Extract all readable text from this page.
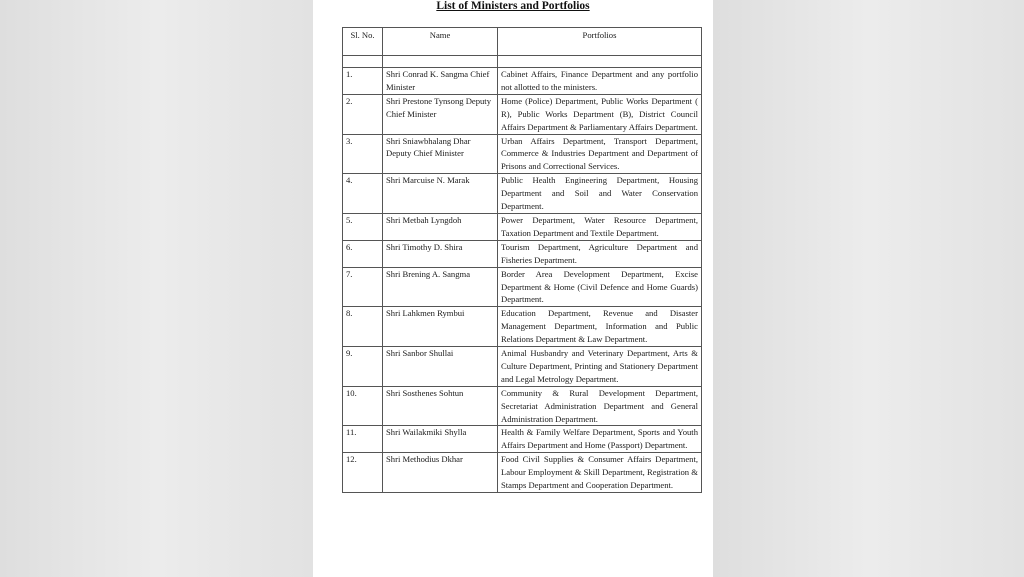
List of Ministers and Portfolios
Sl. No.	Name	Portfolios

1.	Shri Conrad K. Sangma Chief Minister	Cabinet Affairs, Finance Department and any portfolio not allotted to the ministers.
2.	Shri Prestone Tynsong Deputy Chief Minister	Home (Police) Department, Public Works Department ( R), Public Works Department (B), District Council Affairs Department & Parliamentary Affairs Department.
3.	Shri Sniawbhalang Dhar Deputy Chief Minister	Urban Affairs Department, Transport Department, Commerce & Industries Department and Department of Prisons and Correctional Services.
4.	Shri Marcuise N. Marak	Public Health Engineering Department, Housing Department and Soil and Water Conservation Department.
5.	Shri Metbah Lyngdoh	Power Department, Water Resource Department, Taxation Department and Textile Department.
6.	Shri Timothy D. Shira	Tourism Department, Agriculture Department and Fisheries Department.
7.	Shri Brening A. Sangma	Border Area Development Department, Excise Department & Home (Civil Defence and Home Guards) Department.
8.	Shri Lahkmen Rymbui	Education Department, Revenue and Disaster Management Department, Information and Public Relations Department & Law Department.
9.	Shri Sanbor Shullai	Animal Husbandry and Veterinary Department, Arts & Culture Department, Printing and Stationery Department and Legal Metrology Department.
10.	Shri Sosthenes Sohtun	Community & Rural Development Department, Secretariat Administration Department and General Administration Department.
11.	Shri Wailakmiki Shylla	Health & Family Welfare Department, Sports and Youth Affairs Department and Home (Passport) Department.
12.	Shri Methodius Dkhar	Food Civil Supplies & Consumer Affairs Department, Labour Employment & Skill Department, Registration & Stamps Department and Cooperation Department.
